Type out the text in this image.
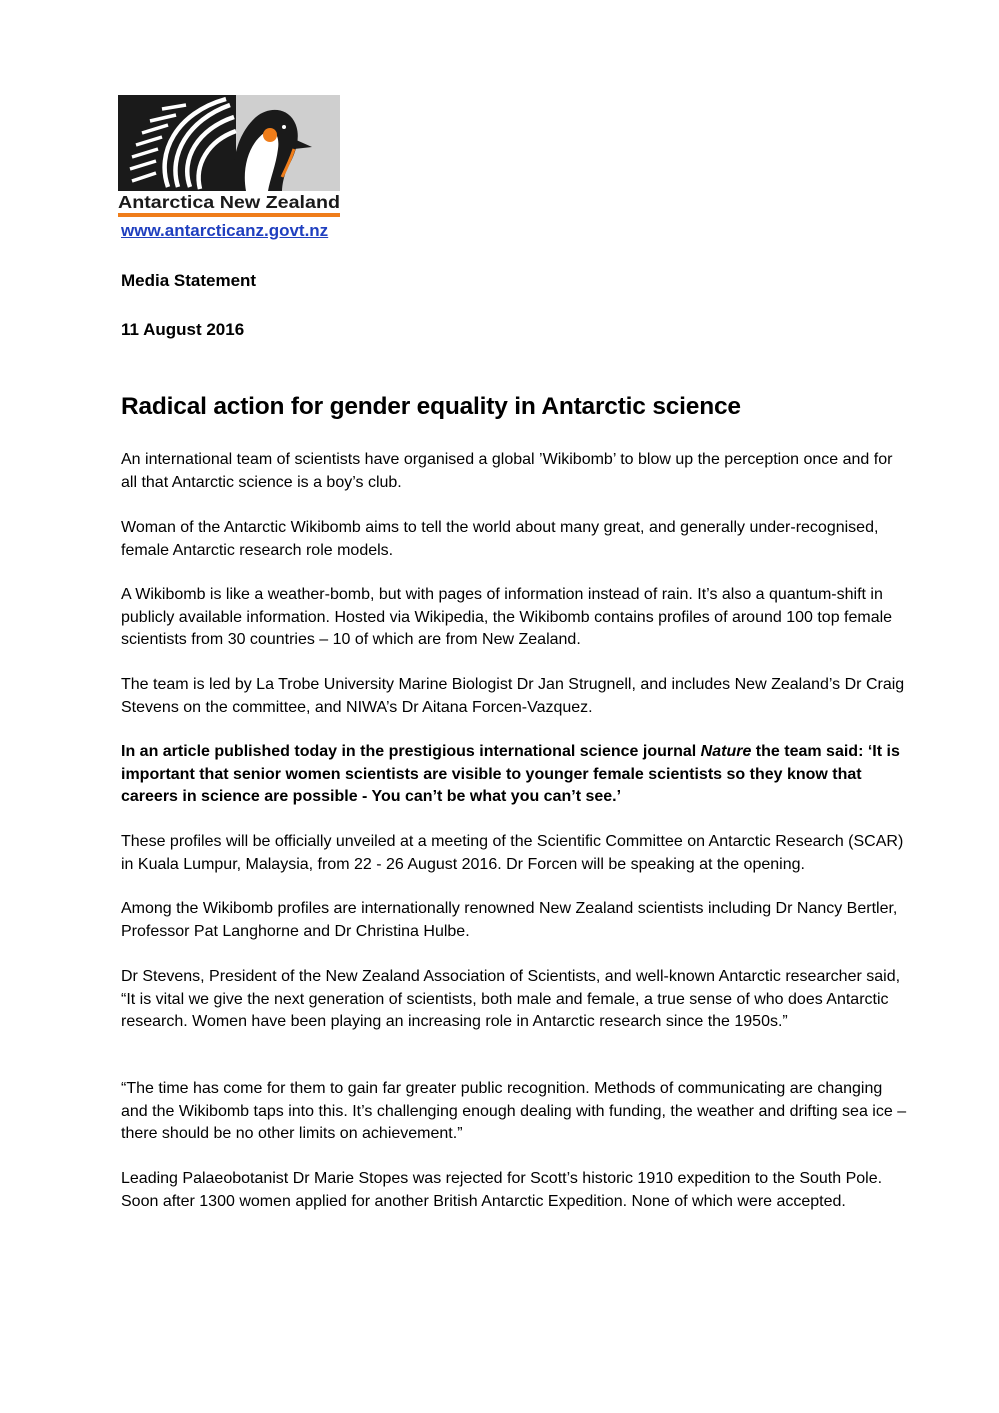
Antarctica New Zealand
www.antarcticanz.govt.nz
Media Statement
11 August 2016
Radical action for gender equality in Antarctic science

An international team of scientists have organised a global ’Wikibomb’ to blow up the perception once and for all that Antarctic science is a boy’s club.

Woman of the Antarctic Wikibomb aims to tell the world about many great, and generally under-recognised, female Antarctic research role models.

A Wikibomb is like a weather-bomb, but with pages of information instead of rain. It’s also a quantum-shift in publicly available information. Hosted via Wikipedia, the Wikibomb contains profiles of around 100 top female scientists from 30 countries – 10 of which are from New Zealand.

The team is led by La Trobe University Marine Biologist Dr Jan Strugnell, and includes New Zealand’s Dr Craig Stevens on the committee, and NIWA’s Dr Aitana Forcen-Vazquez.

In an article published today in the prestigious international science journal Nature the team said: ‘It is important that senior women scientists are visible to younger female scientists so they know that careers in science are possible - You can’t be what you can’t see.’

These profiles will be officially unveiled at a meeting of the Scientific Committee on Antarctic Research (SCAR) in Kuala Lumpur, Malaysia, from 22 - 26 August 2016. Dr Forcen will be speaking at the opening.

Among the Wikibomb profiles are internationally renowned New Zealand scientists including Dr Nancy Bertler, Professor Pat Langhorne and Dr Christina Hulbe.

Dr Stevens, President of the New Zealand Association of Scientists, and well-known Antarctic researcher said, “It is vital we give the next generation of scientists, both male and female, a true sense of who does Antarctic research. Women have been playing an increasing role in Antarctic research since the 1950s.”

“The time has come for them to gain far greater public recognition. Methods of communicating are changing and the Wikibomb taps into this. It’s challenging enough dealing with funding, the weather and drifting sea ice – there should be no other limits on achievement.”

Leading Palaeobotanist Dr Marie Stopes was rejected for Scott’s historic 1910 expedition to the South Pole. Soon after 1300 women applied for another British Antarctic Expedition. None of which were accepted.
